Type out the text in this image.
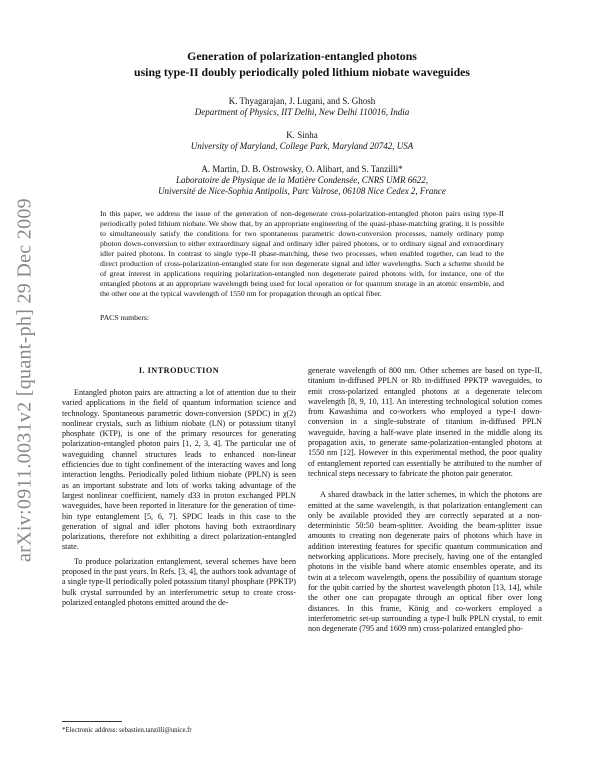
arXiv:0911.0031v2 [quant-ph] 29 Dec 2009
Generation of polarization-entangled photons
using type-II doubly periodically poled lithium niobate waveguides
K. Thyagarajan, J. Lugani, and S. Ghosh
Department of Physics, IIT Delhi, New Delhi 110016, India
K. Sinha
University of Maryland, College Park, Maryland 20742, USA
A. Martin, D. B. Ostrowsky, O. Alibart, and S. Tanzilli*
Laboratoire de Physique de la Matière Condensée, CNRS UMR 6622,
Université de Nice-Sophia Antipolis, Parc Valrose, 06108 Nice Cedex 2, France

In this paper, we address the issue of the generation of non-degenerate cross-polarization-entangled photon pairs using type-II periodically poled lithium niobate. We show that, by an appropriate engineering of the quasi-phase-matching grating, it is possible to simultaneously satisfy the conditions for two spontaneous parametric down-conversion processes, namely ordinary pump photon down-conversion to either extraordinary signal and ordinary idler paired photons, or to ordinary signal and extraordinary idler paired photons. In contrast to single type-II phase-matching, these two processes, when enabled together, can lead to the direct production of cross-polarization-entangled state for non degenerate signal and idler wavelengths. Such a scheme should be of great interest in applications requiring polarization-entangled non degenerate paired photons with, for instance, one of the entangled photons at an appropriate wavelength being used for local operation or for quantum storage in an atomic ensemble, and the other one at the typical wavelength of 1550 nm for propagation through an optical fiber.

PACS numbers:

I. INTRODUCTION

Entangled photon pairs are attracting a lot of attention due to their varied applications in the field of quantum information science and technology. Spontaneous parametric down-conversion (SPDC) in χ(2) nonlinear crystals, such as lithium niobate (LN) or potassium titanyl phosphate (KTP), is one of the primary resources for generating polarization-entangled photon pairs [1, 2, 3, 4]. The particular use of waveguiding channel structures leads to enhanced non-linear efficiencies due to tight confinement of the interacting waves and long interaction lengths. Periodically poled lithium niobate (PPLN) is seen as an important substrate and lots of works taking advantage of the largest nonlinear coefficient, namely d33 in proton exchanged PPLN waveguides, have been reported in literature for the generation of time-bin type entanglement [5, 6, 7]. SPDC leads in this case to the generation of signal and idler photons having both extraordinary polarizations, therefore not exhibiting a direct polarization-entangled state.

To produce polarization entanglement, several schemes have been proposed in the past years. In Refs. [3, 4], the authors took advantage of a single type-II periodically poled potassium titanyl phosphate (PPKTP) bulk crystal surrounded by an interferometric setup to create cross-polarized entangled photons emitted around the de-

*Electronic address: sebastien.tanzilli@unice.fr

generate wavelength of 800 nm. Other schemes are based on type-II, titanium in-diffused PPLN or Rb in-diffused PPKTP waveguides, to emit cross-polarized entangled photons at a degenerate telecom wavelength [8, 9, 10, 11]. An interesting technological solution comes from Kawashima and co-workers who employed a type-I down-conversion in a single-substrate of titanium in-diffused PPLN waveguide, having a half-wave plate inserted in the middle along its propagation axis, to generate same-polarization-entangled photons at 1550 nm [12]. However in this experimental method, the poor quality of entanglement reported can essentially be attributed to the number of technical steps necessary to fabricate the photon pair generator.

A shared drawback in the latter schemes, in which the photons are emitted at the same wavelength, is that polarization entanglement can only be available provided they are correctly separated at a non-deterministic 50:50 beam-splitter. Avoiding the beam-splitter issue amounts to creating non degenerate pairs of photons which have in addition interesting features for specific quantum communication and networking applications. More precisely, having one of the entangled photons in the visible band where atomic ensembles operate, and its twin at a telecom wavelength, opens the possibility of quantum storage for the qubit carried by the shortest wavelength photon [13, 14], while the other one can propagate through an optical fiber over long distances. In this frame, König and co-workers employed a interferometric set-up surrounding a type-I bulk PPLN crystal, to emit non degenerate (795 and 1609 nm) cross-polarized entangled pho-
